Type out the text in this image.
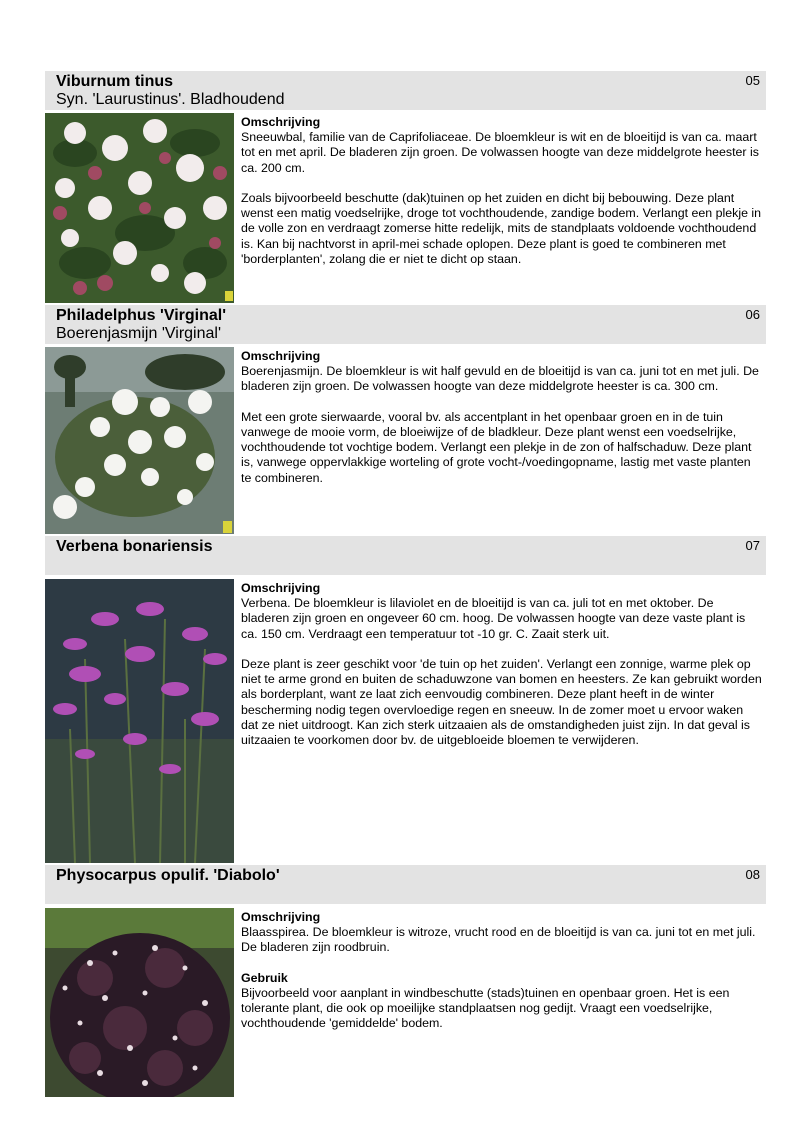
Viburnum tinus
Syn. 'Laurustinus'. Bladhoudend
05
Omschrijving

Sneeuwbal, familie van de Caprifoliaceae. De bloemkleur is wit en de bloeitijd is van ca. maart tot en met april. De bladeren zijn groen. De volwassen hoogte van deze middelgrote heester is ca. 200 cm.

Zoals bijvoorbeeld beschutte (dak)tuinen op het zuiden en dicht bij bebouwing. Deze plant wenst een matig voedselrijke, droge tot vochthoudende, zandige bodem. Verlangt een plekje in de volle zon en verdraagt zomerse hitte redelijk, mits de standplaats voldoende vochthoudend is. Kan bij nachtvorst in april-mei schade oplopen. Deze plant is goed te combineren met 'borderplanten', zolang die er niet te dicht op staan.

Philadelphus 'Virginal'
Boerenjasmijn 'Virginal'
06
Omschrijving

Boerenjasmijn. De bloemkleur is wit half gevuld en de bloeitijd is van ca. juni tot en met juli. De bladeren zijn groen. De volwassen hoogte van deze middelgrote heester is ca. 300 cm.

Met een grote sierwaarde, vooral bv. als accentplant in het openbaar groen en in de tuin vanwege de mooie vorm, de bloeiwijze of de bladkleur. Deze plant wenst een voedselrijke, vochthoudende tot vochtige bodem. Verlangt een plekje in de zon of halfschaduw. Deze plant is, vanwege oppervlakkige worteling of grote vocht-/voedingopname, lastig met vaste planten te combineren.

Verbena bonariensis	07
Omschrijving

Verbena. De bloemkleur is lilaviolet en de bloeitijd is van ca. juli tot en met oktober. De bladeren zijn groen en ongeveer 60 cm. hoog. De volwassen hoogte van deze vaste plant is ca. 150 cm. Verdraagt een temperatuur tot -10 gr. C. Zaait sterk uit.

Deze plant is zeer geschikt voor 'de tuin op het zuiden'. Verlangt een zonnige, warme plek op niet te arme grond en buiten de schaduwzone van bomen en heesters. Ze kan gebruikt worden als borderplant, want ze laat zich eenvoudig combineren. Deze plant heeft in de winter bescherming nodig tegen overvloedige regen en sneeuw. In de zomer moet u ervoor waken dat ze niet uitdroogt. Kan zich sterk uitzaaien als de omstandigheden juist zijn. In dat geval is uitzaaien te voorkomen door bv. de uitgebloeide bloemen te verwijderen.

Physocarpus opulif. 'Diabolo'	08
Omschrijving

Blaasspirea. De bloemkleur is witroze, vrucht rood en de bloeitijd is van ca. juni tot en met juli. De bladeren zijn roodbruin.

Gebruik

Bijvoorbeeld voor aanplant in windbeschutte (stads)tuinen en openbaar groen. Het is een tolerante plant, die ook op moeilijke standplaatsen nog gedijt. Vraagt een voedselrijke, vochthoudende 'gemiddelde' bodem.
